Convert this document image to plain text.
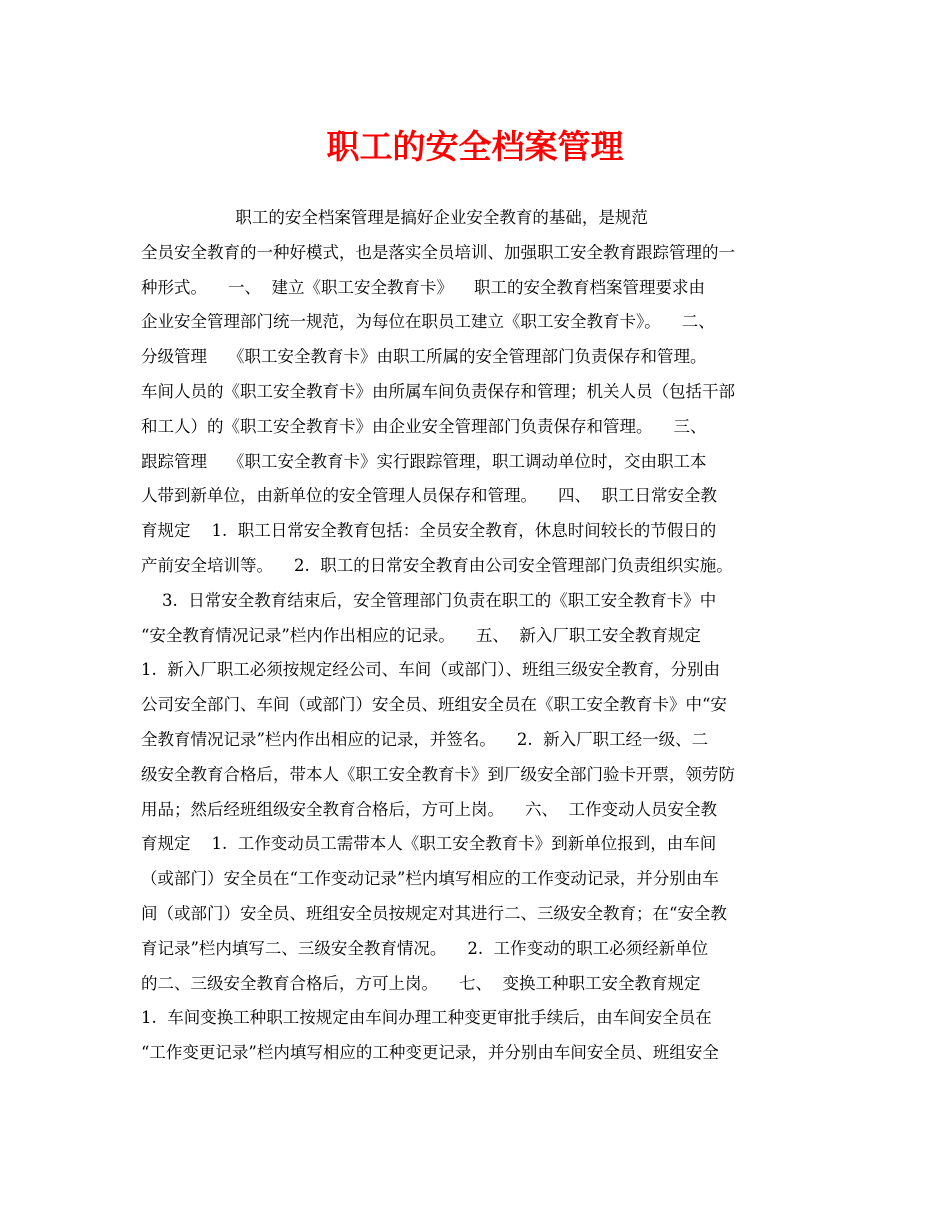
职工的安全档案管理
职工的安全档案管理是搞好企业安全教育的基础，是规范
全员安全教育的一种好模式，也是落实全员培训、加强职工安全教育跟踪管理的一
种形式。    一、  建立《职工安全教育卡》    职工的安全教育档案管理要求由
企业安全管理部门统一规范，为每位在职员工建立《职工安全教育卡》。    二、
分级管理    《职工安全教育卡》由职工所属的安全管理部门负责保存和管理。
车间人员的《职工安全教育卡》由所属车间负责保存和管理；机关人员（包括干部
和工人）的《职工安全教育卡》由企业安全管理部门负责保存和管理。    三、
跟踪管理    《职工安全教育卡》实行跟踪管理，职工调动单位时，交由职工本
人带到新单位，由新单位的安全管理人员保存和管理。    四、  职工日常安全教
育规定    1.  职工日常安全教育包括：全员安全教育，休息时间较长的节假日的
产前安全培训等。    2.  职工的日常安全教育由公司安全管理部门负责组织实施。
3.  日常安全教育结束后，安全管理部门负责在职工的《职工安全教育卡》中
“安全教育情况记录”栏内作出相应的记录。    五、  新入厂职工安全教育规定
1.  新入厂职工必须按规定经公司、车间（或部门）、班组三级安全教育，分别由
公司安全部门、车间（或部门）安全员、班组安全员在《职工安全教育卡》中“安
全教育情况记录”栏内作出相应的记录，并签名。    2.  新入厂职工经一级、二
级安全教育合格后，带本人《职工安全教育卡》到厂级安全部门验卡开票，领劳防
用品；然后经班组级安全教育合格后，方可上岗。    六、  工作变动人员安全教
育规定    1.  工作变动员工需带本人《职工安全教育卡》到新单位报到，由车间
（或部门）安全员在“工作变动记录”栏内填写相应的工作变动记录，并分别由车
间（或部门）安全员、班组安全员按规定对其进行二、三级安全教育；在“安全教
育记录”栏内填写二、三级安全教育情况。    2.  工作变动的职工必须经新单位
的二、三级安全教育合格后，方可上岗。    七、  变换工种职工安全教育规定
1.  车间变换工种职工按规定由车间办理工种变更审批手续后，由车间安全员在
“工作变更记录”栏内填写相应的工种变更记录，并分别由车间安全员、班组安全
